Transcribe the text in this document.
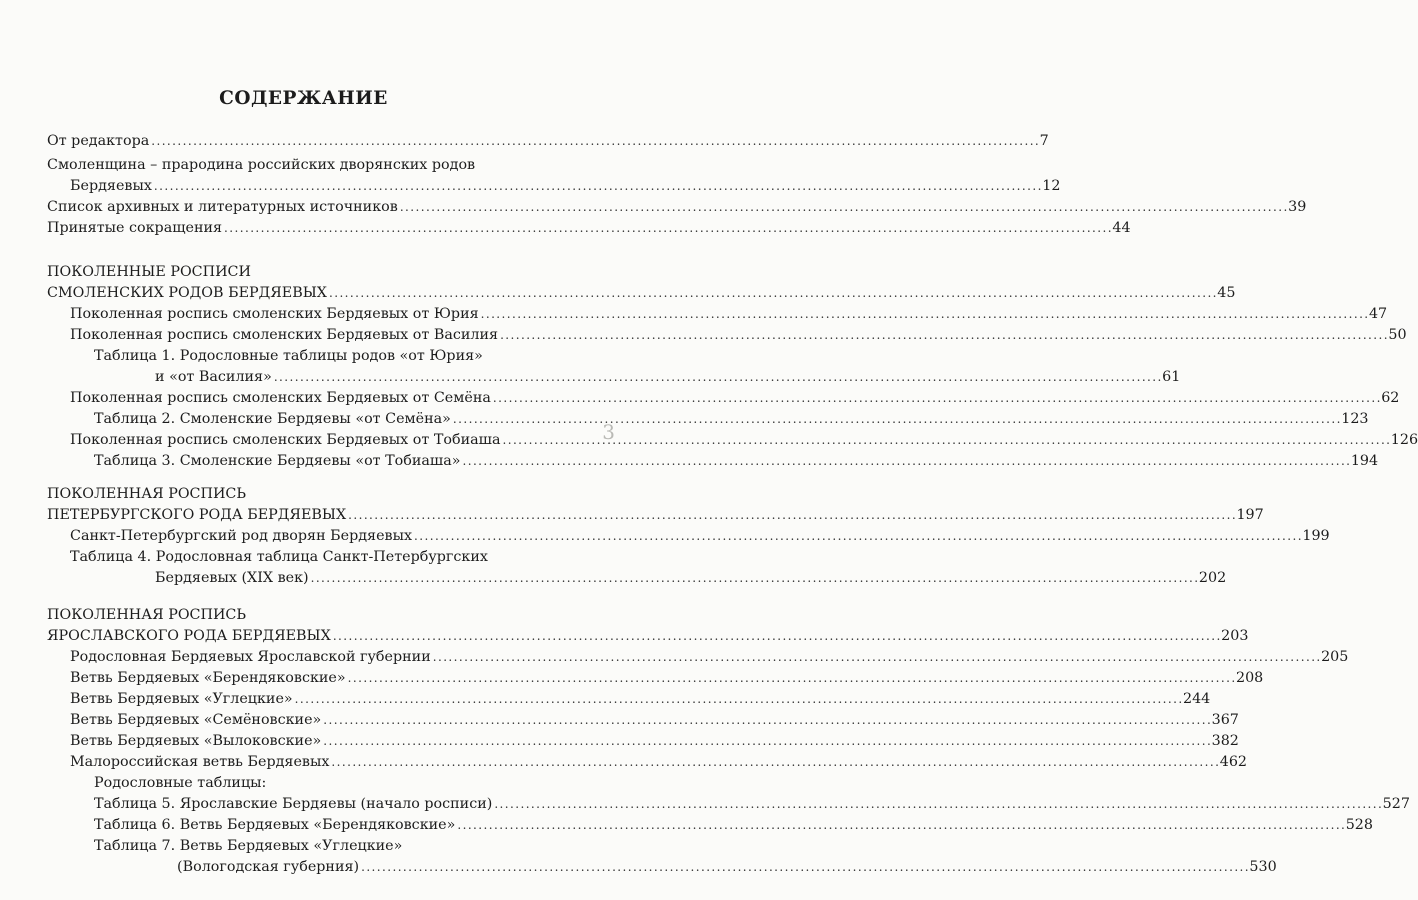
СОДЕРЖАНИЕ
От редактора . . .	7
Смоленщина – прародина российских дворянских родов
Бердяевых . . .	12
Список архивных и литературных источников . . .	39
Принятые сокращения . . .	44
ПОКОЛЕННЫЕ РОСПИСИ
СМОЛЕНСКИХ РОДОВ БЕРДЯЕВЫХ . . .	45
Поколенная роспись смоленских Бердяевых от Юрия . . .	47
Поколенная роспись смоленских Бердяевых от Василия . . .	50
Таблица 1. Родословные таблицы родов «от Юрия»
и «от Василия» . . .	61
Поколенная роспись смоленских Бердяевых от Семёна . . .	62
Таблица 2. Смоленские Бердяевы «от Семёна» . . .	123
Поколенная роспись смоленских Бердяевых от Тобиаша . . .	126
Таблица 3. Смоленские Бердяевы «от Тобиаша» . . .	194
ПОКОЛЕННАЯ РОСПИСЬ
ПЕТЕРБУРГСКОГО РОДА БЕРДЯЕВЫХ . . .	197
Санкт-Петербургский род дворян Бердяевых . . .	199
Таблица 4. Родословная таблица Санкт-Петербургских
Бердяевых (XIX век) . . .	202
ПОКОЛЕННАЯ РОСПИСЬ
ЯРОСЛАВСКОГО РОДА БЕРДЯЕВЫХ . . .	203
Родословная Бердяевых Ярославской губернии . . .	205
Ветвь Бердяевых «Берендяковские» . . .	208
Ветвь Бердяевых «Углецкие» . . .	244
Ветвь Бердяевых «Семёновские» . . .	367
Ветвь Бердяевых «Вылоковские» . . .	382
Малороссийская ветвь Бердяевых . . .	462
Родословные таблицы:
Таблица 5. Ярославские Бердяевы (начало росписи) . . .	527
Таблица 6. Ветвь Бердяевых «Берендяковские» . . .	528
Таблица 7. Ветвь Бердяевых «Углецкие»
(Вологодская губерния) . . .	530
3
